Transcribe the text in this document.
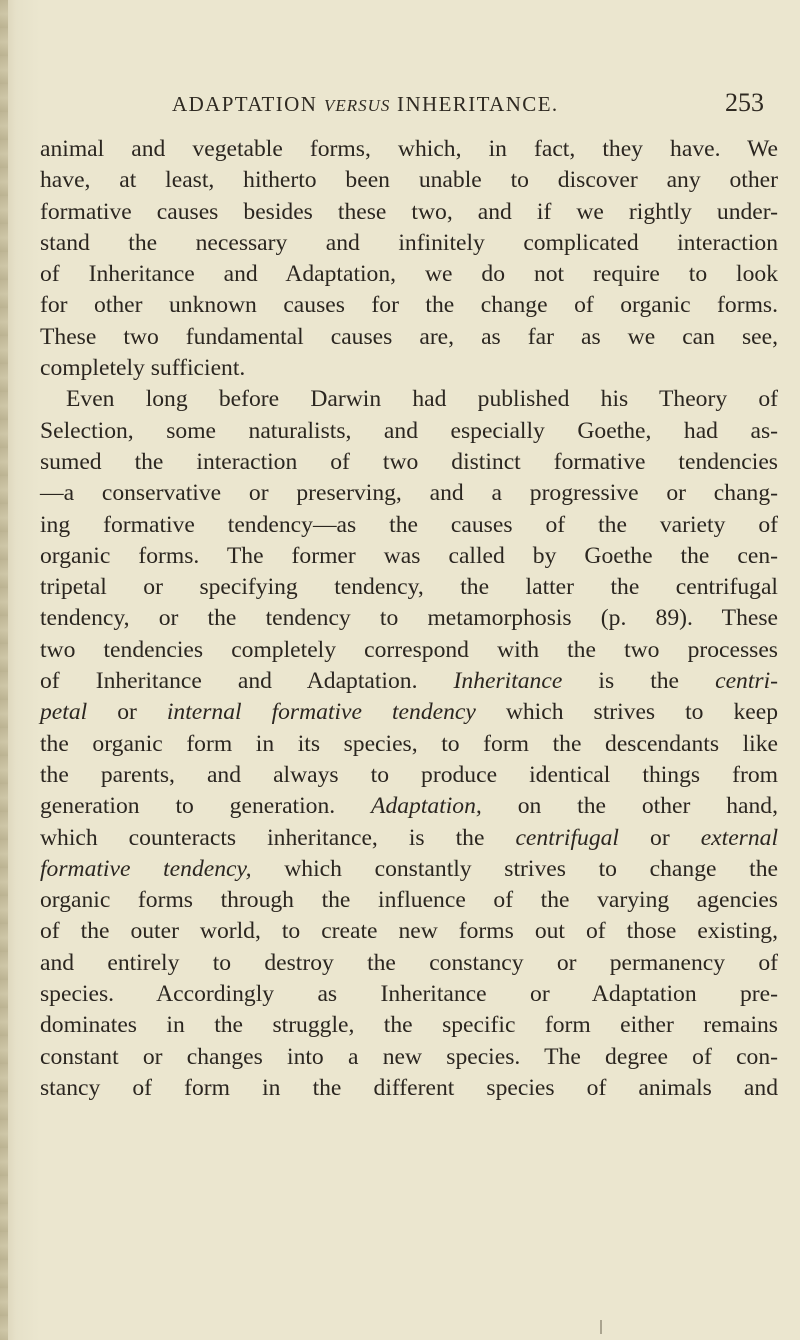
ADAPTATION VERSUS INHERITANCE.	253
animal and vegetable forms, which, in fact, they have. We
have, at least, hitherto been unable to discover any other
formative causes besides these two, and if we rightly under-
stand the necessary and infinitely complicated interaction
of Inheritance and Adaptation, we do not require to look
for other unknown causes for the change of organic forms.
These two fundamental causes are, as far as we can see,
completely sufficient.
Even long before Darwin had published his Theory of
Selection, some naturalists, and especially Goethe, had as-
sumed the interaction of two distinct formative tendencies
—a conservative or preserving, and a progressive or chang-
ing formative tendency—as the causes of the variety of
organic forms. The former was called by Goethe the cen-
tripetal or specifying tendency, the latter the centrifugal
tendency, or the tendency to metamorphosis (p. 89). These
two tendencies completely correspond with the two processes
of Inheritance and Adaptation. Inheritance is the centri-
petal or internal formative tendency which strives to keep
the organic form in its species, to form the descendants like
the parents, and always to produce identical things from
generation to generation. Adaptation, on the other hand,
which counteracts inheritance, is the centrifugal or external
formative tendency, which constantly strives to change the
organic forms through the influence of the varying agencies
of the outer world, to create new forms out of those existing,
and entirely to destroy the constancy or permanency of
species. Accordingly as Inheritance or Adaptation pre-
dominates in the struggle, the specific form either remains
constant or changes into a new species. The degree of con-
stancy of form in the different species of animals and
